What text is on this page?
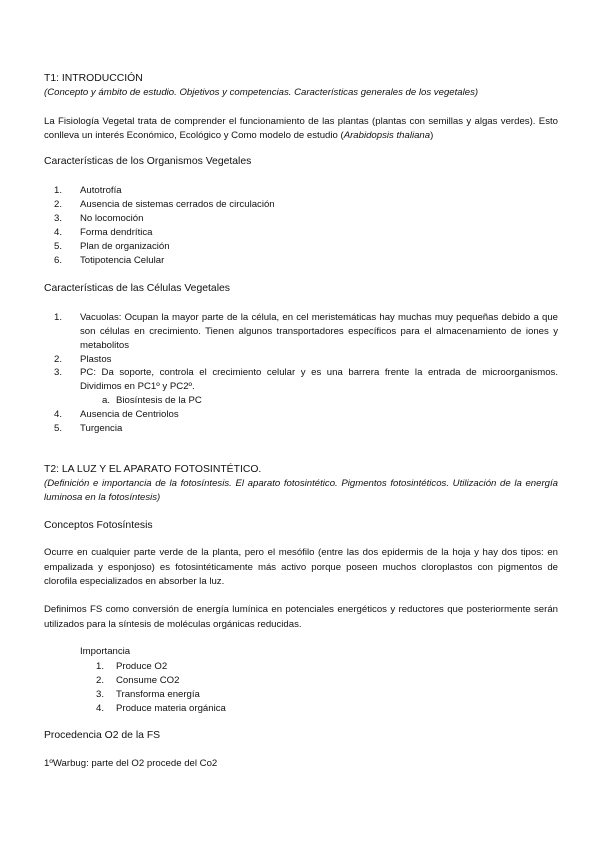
T1: INTRODUCCIÓN
(Concepto y ámbito de estudio. Objetivos y competencias. Características generales de los vegetales)
La Fisiología Vegetal trata de comprender el funcionamiento de las plantas (plantas con semillas y algas verdes). Esto conlleva un interés Económico, Ecológico y Como modelo de estudio (Arabidopsis thaliana)
Características de los Organismos Vegetales
1. Autotrofía
2. Ausencia de sistemas cerrados de circulación
3. No locomoción
4. Forma dendrítica
5. Plan de organización
6. Totipotencia Celular
Características de las Células Vegetales
1. Vacuolas: Ocupan la mayor parte de la célula, en cel meristemáticas hay muchas muy pequeñas debido a que son células en crecimiento. Tienen algunos transportadores específicos para el almacenamiento de iones y metabolitos
2. Plastos
3. PC: Da soporte, controla el crecimiento celular y es una barrera frente la entrada de microorganismos. Dividimos en PC1º y PC2º.
a. Biosíntesis de la PC
4. Ausencia de Centriolos
5. Turgencia
T2: LA LUZ Y EL APARATO FOTOSINTÉTICO.
(Definición e importancia de la fotosíntesis. El aparato fotosintético. Pigmentos fotosintéticos. Utilización de la energía luminosa en la fotosíntesis)
Conceptos Fotosíntesis
Ocurre en cualquier parte verde de la planta, pero el mesófilo (entre las dos epidermis de la hoja y hay dos tipos: en empalizada y esponjoso) es fotosintéticamente más activo porque poseen muchos cloroplastos con pigmentos de clorofila especializados en absorber la luz.
Definimos FS como conversión de energía lumínica en potenciales energéticos y reductores que posteriormente serán utilizados para la síntesis de moléculas orgánicas reducidas.
Importancia
1. Produce O2
2. Consume CO2
3. Transforma energía
4. Produce materia orgánica
Procedencia O2 de la FS
1ºWarbug: parte del O2 procede del Co2
